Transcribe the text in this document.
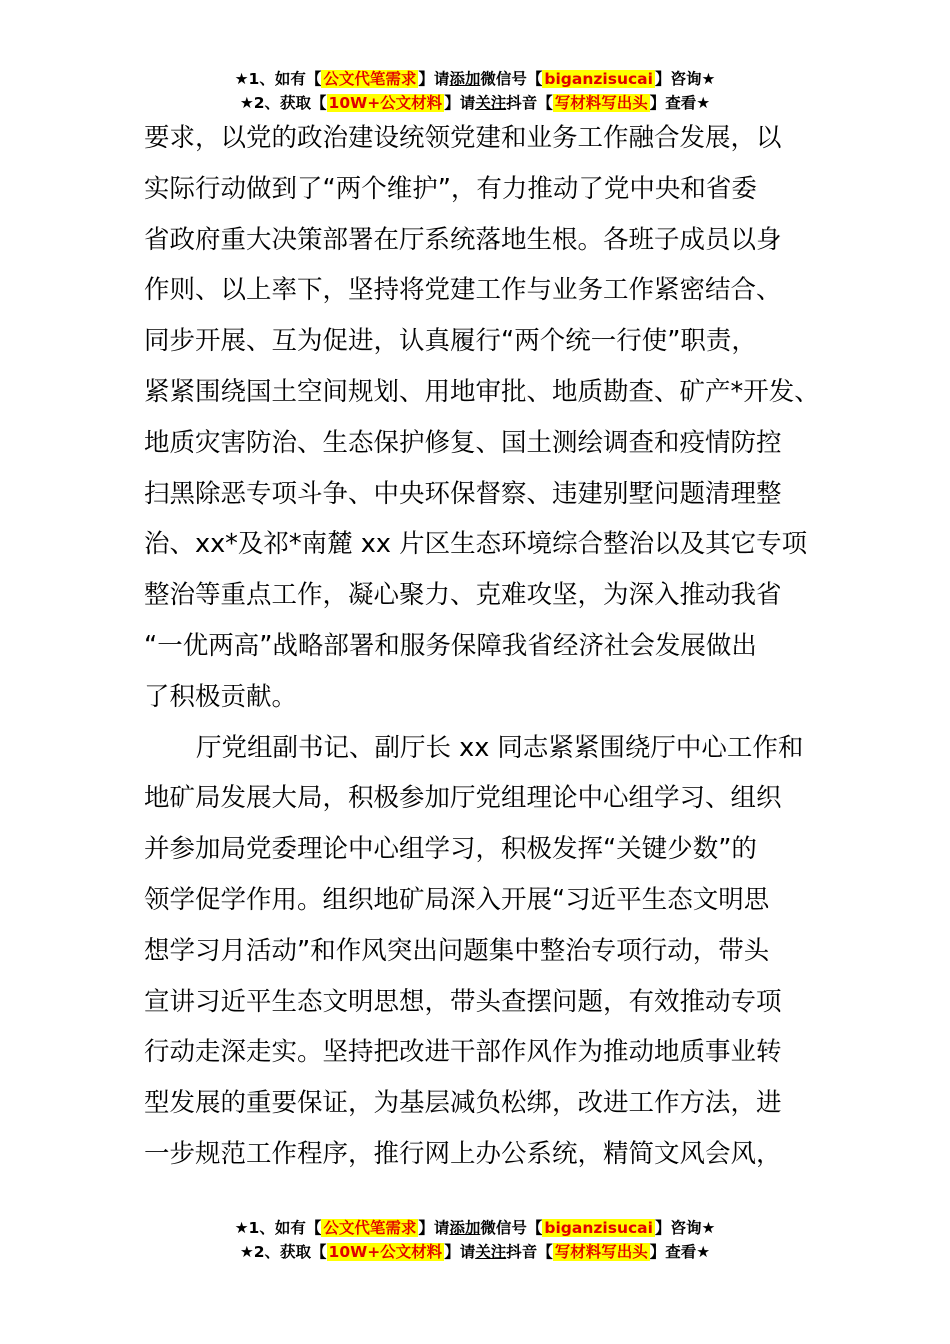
★1、如有【 公文代笔需求 】请添加微信号【 biganzisucai 】咨询★
★2、获取【 10W+公文材料 】请关注抖音【 写材料写出头 】查看★

要求，以党的政治建设统领党建和业务工作融合发展，以
实际行动做到了“两个维护”，有力推动了党中央和省委
省政府重大决策部署在厅系统落地生根。各班子成员以身
作则、以上率下，坚持将党建工作与业务工作紧密结合、
同步开展、互为促进，认真履行“两个统一行使”职责，
紧紧围绕国土空间规划、用地审批、地质勘查、矿产*开发、
地质灾害防治、生态保护修复、国土测绘调查和疫情防控
扫黑除恶专项斗争、中央环保督察、违建别墅问题清理整
治、xx*及祁*南麓 xx 片区生态环境综合整治以及其它专项
整治等重点工作，凝心聚力、克难攻坚，为深入推动我省
“一优两高”战略部署和服务保障我省经济社会发展做出
了积极贡献。

厅党组副书记、副厅长 xx 同志紧紧围绕厅中心工作和
地矿局发展大局，积极参加厅党组理论中心组学习、组织
并参加局党委理论中心组学习，积极发挥“关键少数”的
领学促学作用。组织地矿局深入开展“习近平生态文明思
想学习月活动”和作风突出问题集中整治专项行动，带头
宣讲习近平生态文明思想，带头查摆问题，有效推动专项
行动走深走实。坚持把改进干部作风作为推动地质事业转
型发展的重要保证，为基层减负松绑，改进工作方法，进
一步规范工作程序，推行网上办公系统，精简文风会风，

★1、如有【 公文代笔需求 】请添加微信号【 biganzisucai 】咨询★
★2、获取【 10W+公文材料 】请关注抖音【 写材料写出头 】查看★
